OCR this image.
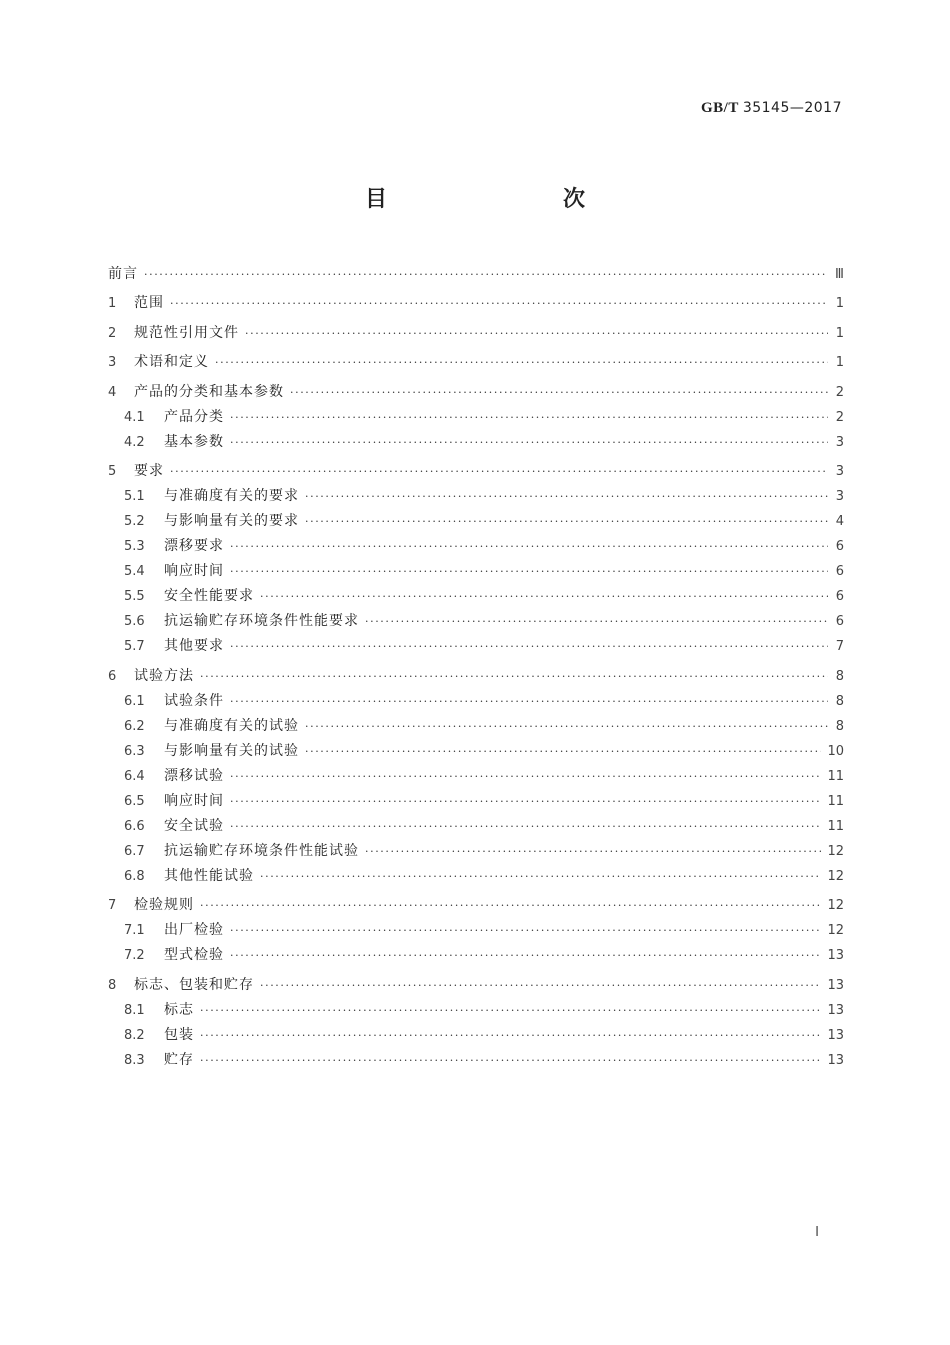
GB/T 35145—2017
目　　次
前言 ·····	Ⅲ
1	范围 ·····	1
2	规范性引用文件 ·····	1
3	术语和定义 ·····	1
4	产品的分类和基本参数 ·····	2
4.1	产品分类 ·····	2
4.2	基本参数 ·····	3
5	要求 ·····	3
5.1	与准确度有关的要求 ·····	3
5.2	与影响量有关的要求 ·····	4
5.3	漂移要求 ·····	6
5.4	响应时间 ·····	6
5.5	安全性能要求 ·····	6
5.6	抗运输贮存环境条件性能要求 ·····	6
5.7	其他要求 ·····	7
6	试验方法 ·····	8
6.1	试验条件 ·····	8
6.2	与准确度有关的试验 ·····	8
6.3	与影响量有关的试验 ·····	10
6.4	漂移试验 ·····	11
6.5	响应时间 ·····	11
6.6	安全试验 ·····	11
6.7	抗运输贮存环境条件性能试验 ·····	12
6.8	其他性能试验 ·····	12
7	检验规则 ·····	12
7.1	出厂检验 ·····	12
7.2	型式检验 ·····	13
8	标志、包装和贮存 ·····	13
8.1	标志 ·····	13
8.2	包装 ·····	13
8.3	贮存 ·····	13
Ⅰ
